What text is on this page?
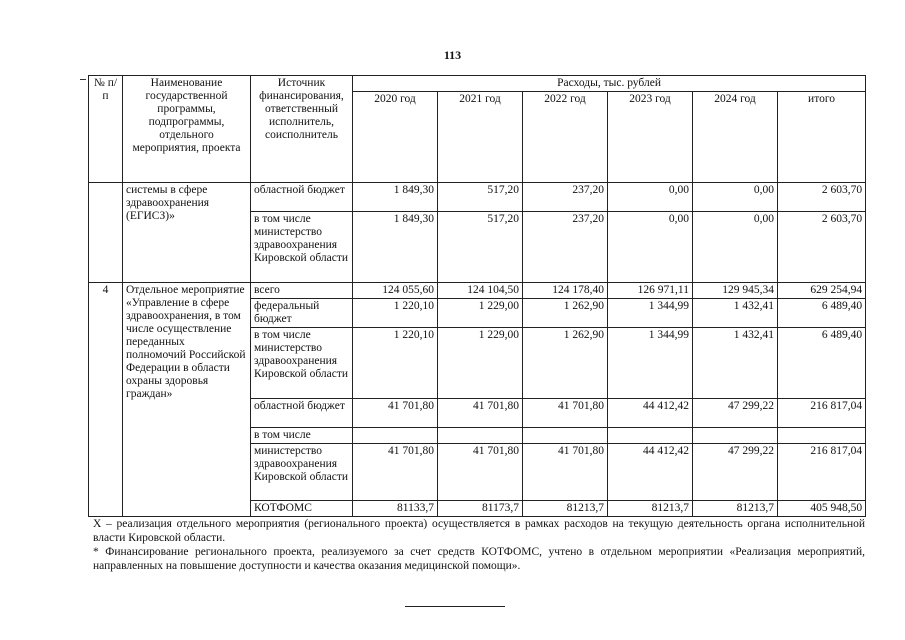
113
№ п/п	Наименование государственной программы, подпрограммы, отдельного мероприятия, проекта	Источник финансирования, ответственный исполнитель, соисполнитель	Расходы, тыс. рублей					
			2020 год	2021 год	2022 год	2023 год	2024 год	итого
	системы в сфере здравоохранения (ЕГИСЗ)»	областной бюджет	1 849,30	517,20	237,20	0,00	0,00	2 603,70
		в том числе министерство здравоохранения Кировской области	1 849,30	517,20	237,20	0,00	0,00	2 603,70
4	Отдельное мероприятие «Управление в сфере здравоохранения, в том числе осуществление переданных полномочий Российской Федерации в области охраны здоровья граждан»	всего	124 055,60	124 104,50	124 178,40	126 971,11	129 945,34	629 254,94
		федеральный бюджет	1 220,10	1 229,00	1 262,90	1 344,99	1 432,41	6 489,40
		в том числе министерство здравоохранения Кировской области	1 220,10	1 229,00	1 262,90	1 344,99	1 432,41	6 489,40
		областной бюджет	41 701,80	41 701,80	41 701,80	44 412,42	47 299,22	216 817,04
		в том числе						
		министерство здравоохранения Кировской области	41 701,80	41 701,80	41 701,80	44 412,42	47 299,22	216 817,04
		КОТФОМС	81133,7	81173,7	81213,7	81213,7	81213,7	405 948,50

X – реализация отдельного мероприятия (регионального проекта) осуществляется в рамках расходов на текущую деятельность органа исполнительной власти Кировской области.

* Финансирование регионального проекта, реализуемого за счет средств КОТФОМС, учтено в отдельном мероприятии «Реализация мероприятий, направленных на повышение доступности и качества оказания медицинской помощи».
